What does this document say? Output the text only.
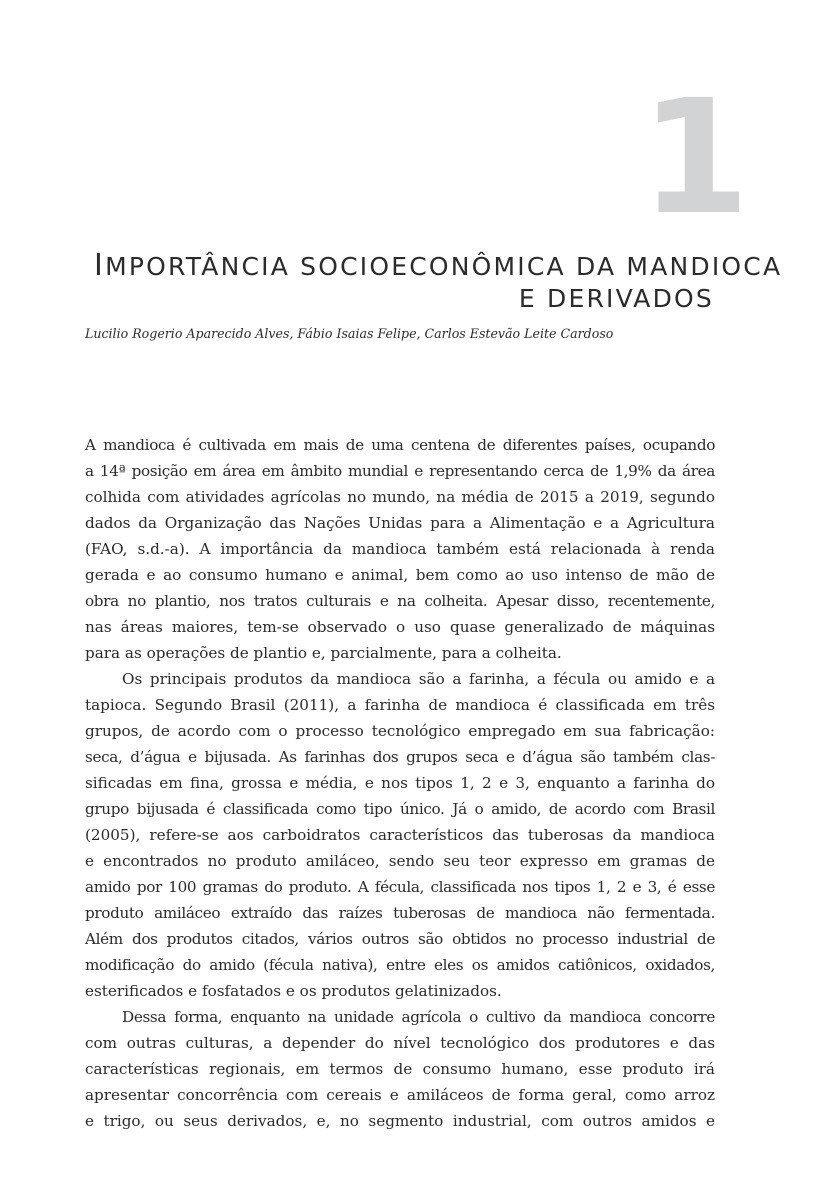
1
IMPORTÂNCIA SOCIOECONÔMICA DA MANDIOCA
E DERIVADOS
Lucilio Rogerio Aparecido Alves, Fábio Isaias Felipe, Carlos Estevão Leite Cardoso
A mandioca é cultivada em mais de uma centena de diferentes países, ocupando
a 14ª posição em área em âmbito mundial e representando cerca de 1,9% da área
colhida com atividades agrícolas no mundo, na média de 2015 a 2019, segundo
dados da Organização das Nações Unidas para a Alimentação e a Agricultura
(FAO, s.d.-a). A importância da mandioca também está relacionada à renda
gerada e ao consumo humano e animal, bem como ao uso intenso de mão de
obra no plantio, nos tratos culturais e na colheita. Apesar disso, recentemente,
nas áreas maiores, tem-se observado o uso quase generalizado de máquinas
para as operações de plantio e, parcialmente, para a colheita.
Os principais produtos da mandioca são a farinha, a fécula ou amido e a
tapioca. Segundo Brasil (2011), a farinha de mandioca é classificada em três
grupos, de acordo com o processo tecnológico empregado em sua fabricação:
seca, d’água e bijusada. As farinhas dos grupos seca e d’água são também clas-
sificadas em fina, grossa e média, e nos tipos 1, 2 e 3, enquanto a farinha do
grupo bijusada é classificada como tipo único. Já o amido, de acordo com Brasil
(2005), refere-se aos carboidratos característicos das tuberosas da mandioca
e encontrados no produto amiláceo, sendo seu teor expresso em gramas de
amido por 100 gramas do produto. A fécula, classificada nos tipos 1, 2 e 3, é esse
produto amiláceo extraído das raízes tuberosas de mandioca não fermentada.
Além dos produtos citados, vários outros são obtidos no processo industrial de
modificação do amido (fécula nativa), entre eles os amidos catiônicos, oxidados,
esterificados e fosfatados e os produtos gelatinizados.
Dessa forma, enquanto na unidade agrícola o cultivo da mandioca concorre
com outras culturas, a depender do nível tecnológico dos produtores e das
características regionais, em termos de consumo humano, esse produto irá
apresentar concorrência com cereais e amiláceos de forma geral, como arroz
e trigo, ou seus derivados, e, no segmento industrial, com outros amidos e
